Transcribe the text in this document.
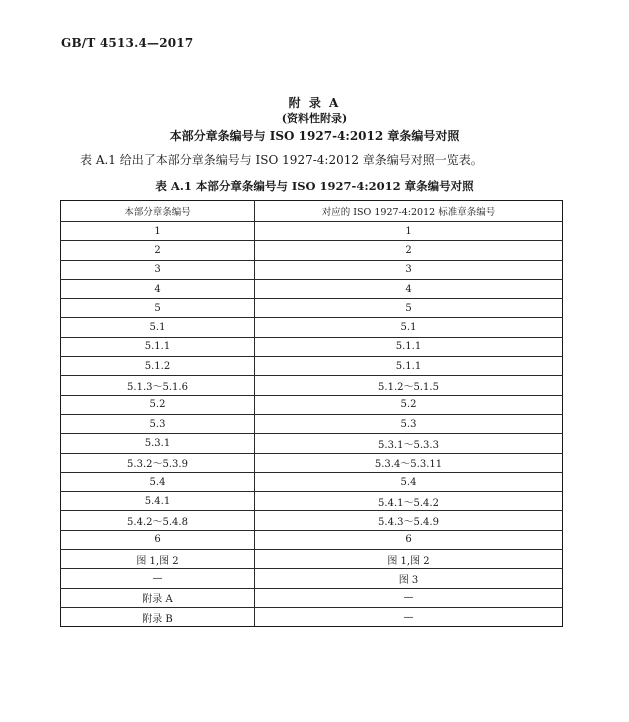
GB/T 4513.4—2017
附 录 A
(资料性附录)
本部分章条编号与 ISO 1927-4:2012 章条编号对照
表 A.1 给出了本部分章条编号与 ISO 1927-4:2012 章条编号对照一览表。
表 A.1 本部分章条编号与 ISO 1927-4:2012 章条编号对照
本部分章条编号	对应的 ISO 1927-4:2012 标准章条编号
1	1
2	2
3	3
4	4
5	5
5.1	5.1
5.1.1	5.1.1
5.1.2	5.1.1
5.1.3～5.1.6	5.1.2～5.1.5
5.2	5.2
5.3	5.3
5.3.1	5.3.1～5.3.3
5.3.2～5.3.9	5.3.4～5.3.11
5.4	5.4
5.4.1	5.4.1～5.4.2
5.4.2～5.4.8	5.4.3～5.4.9
6	6
图 1,图 2	图 1,图 2
—	图 3
附录 A	—
附录 B	—
